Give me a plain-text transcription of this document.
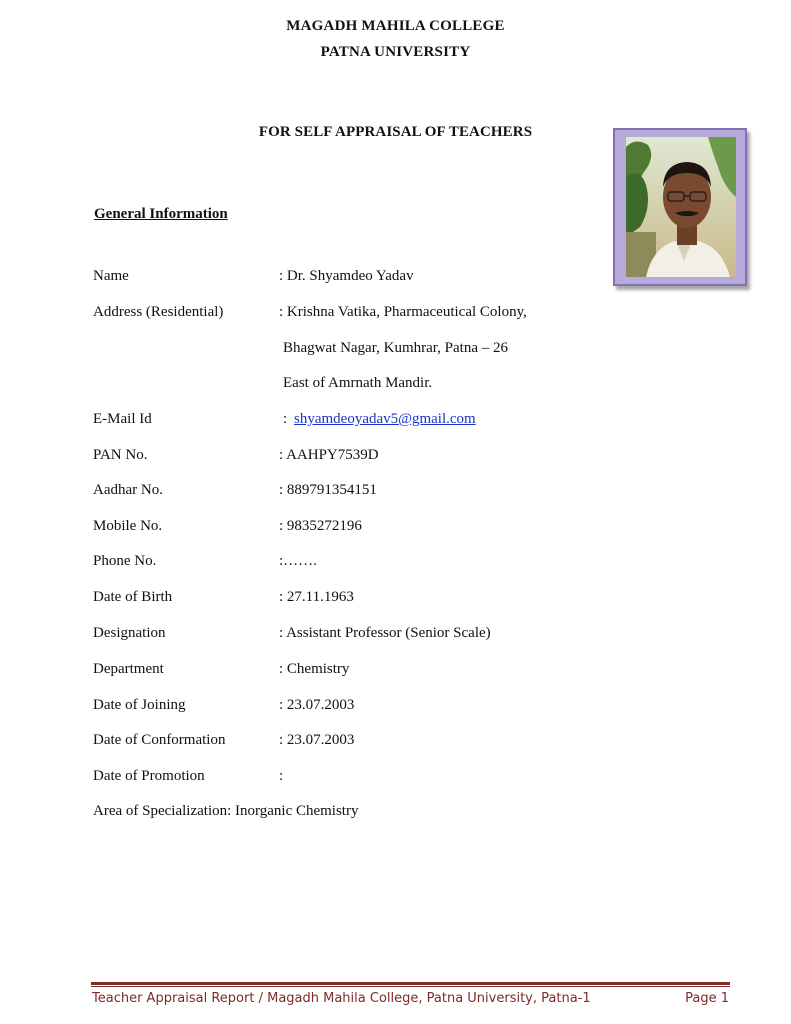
MAGADH MAHILA COLLEGE
PATNA UNIVERSITY
FOR SELF APPRAISAL OF TEACHERS
General Information
Name	: Dr. Shyamdeo Yadav
Address (Residential)	: Krishna Vatika, Pharmaceutical Colony,
Bhagwat Nagar, Kumhrar, Patna – 26
East of Amrnath Mandir.
E-Mail Id	: shyamdeoyadav5@gmail.com
PAN No.	: AAHPY7539D
Aadhar No.	: 889791354151
Mobile No.	: 9835272196
Phone No.	:…….
Date of Birth	: 27.11.1963
Designation	: Assistant Professor (Senior Scale)
Department	: Chemistry
Date of Joining	: 23.07.2003
Date of Conformation	: 23.07.2003
Date of Promotion	:
Area of Specialization: Inorganic Chemistry
Teacher Appraisal Report / Magadh Mahila College, Patna University, Patna-1	Page 1
